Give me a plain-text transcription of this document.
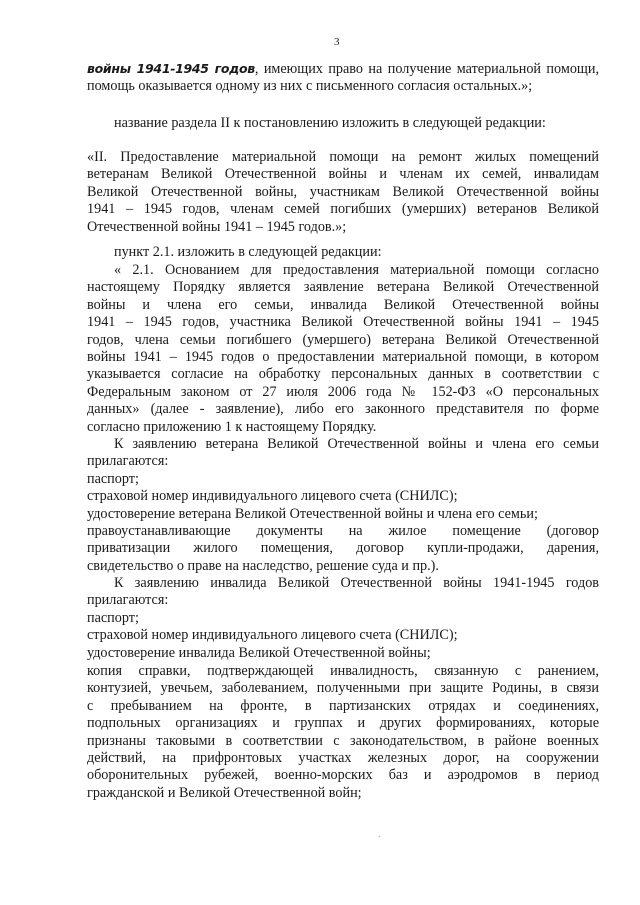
3
войны 1941-1945 годов, имеющих право на получение материальной помощи,
помощь оказывается одному из них с письменного согласия остальных.»;
название раздела II к постановлению изложить в следующей редакции:
«II. Предоставление материальной помощи на ремонт жилых помещений
ветеранам Великой Отечественной войны и членам их семей, инвалидам
Великой Отечественной войны, участникам Великой Отечественной войны
1941 – 1945 годов, членам семей погибших (умерших) ветеранов Великой
Отечественной войны 1941 – 1945 годов.»;
пункт 2.1. изложить в следующей редакции:
« 2.1. Основанием для предоставления материальной помощи согласно
настоящему Порядку является заявление ветерана Великой Отечественной
войны и члена его семьи, инвалида Великой Отечественной войны
1941 – 1945 годов, участника Великой Отечественной войны 1941 – 1945
годов, члена семьи погибшего (умершего) ветерана Великой Отечественной
войны 1941 – 1945 годов о предоставлении материальной помощи, в котором
указывается согласие на обработку персональных данных в соответствии с
Федеральным законом от 27 июля 2006 года № 152-ФЗ «О персональных
данных» (далее - заявление), либо его законного представителя по форме
согласно приложению 1 к настоящему Порядку.
К заявлению ветерана Великой Отечественной войны и члена его семьи
прилагаются:
паспорт;
страховой номер индивидуального лицевого счета (СНИЛС);
удостоверение ветерана Великой Отечественной войны и члена его семьи;
правоустанавливающие документы на жилое помещение (договор
приватизации жилого помещения, договор купли-продажи, дарения,
свидетельство о праве на наследство, решение суда и пр.).
К заявлению инвалида Великой Отечественной войны 1941-1945 годов
прилагаются:
паспорт;
страховой номер индивидуального лицевого счета (СНИЛС);
удостоверение инвалида Великой Отечественной войны;
копия справки, подтверждающей инвалидность, связанную с ранением,
контузией, увечьем, заболеванием, полученными при защите Родины, в связи
с пребыванием на фронте, в партизанских отрядах и соединениях,
подпольных организациях и группах и других формированиях, которые
признаны таковыми в соответствии с законодательством, в районе военных
действий, на прифронтовых участках железных дорог, на сооружении
оборонительных рубежей, военно-морских баз и аэродромов в период
гражданской и Великой Отечественной войн;
.
